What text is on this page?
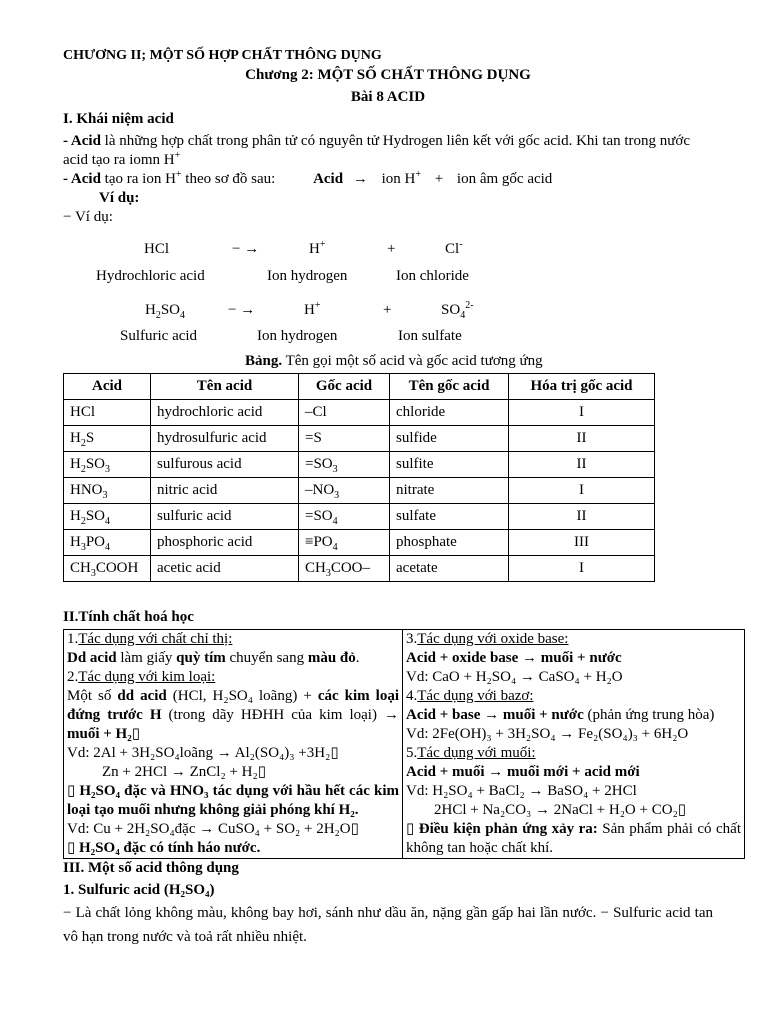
CHƯƠNG II; MỘT SỐ HỢP CHẤT THÔNG DỤNG
Chương 2: MỘT SỐ CHẤT THÔNG DỤNG
Bài 8 ACID
I. Khái niệm acid

- Acid là những hợp chất trong phân tử có nguyên tử Hydrogen liên kết với gốc acid. Khi tan trong nước acid tạo ra iomn H+

- Acid tạo ra ion H+ theo sơ đồ sau:	Acid → ion H+ + ion âm gốc acid
Ví dụ:
− Ví dụ:
HCl	− →	H+	+	Cl-
Hydrochloric acid	Ion hydrogen	Ion chloride
$H_2SO_4$	− →	H+	+	$SO_4^{2-}$
Sulfuric acid	Ion hydrogen	Ion sulfate
Bảng. Tên gọi một số acid và gốc acid tương ứng
Acid	Tên acid	Gốc acid	Tên gốc acid	Hóa trị gốc acid
HCl	hydrochloric acid	–Cl	chloride	I
$H_2S$	hydrosulfuric acid	=S	sulfide	II
$H_2SO_3$	sulfurous acid	$=SO_3$	sulfite	II
$HNO_3$	nitric acid	$-NO_3$	nitrate	I
$H_2SO_4$	sulfuric acid	$=SO_4$	sulfate	II
$H_3PO_4$	phosphoric acid	$\equiv PO_4$	phosphate	III
$CH_3COOH$	acetic acid	$CH_3COO-$	acetate	I
II.Tính chất hoá học

1.Tác dụng với chất chỉ thị:

Dd acid làm giấy quỳ tím chuyển sang màu đỏ.

2.Tác dụng với kim loại:

Một số dd acid (HCl, H₂SO₄ loãng) + các kim loại đứng trước H (trong dãy HĐHH của kim loại) → muối + H₂▯

Vd: 2Al + 3H₂SO₄loãng → Al₂(SO₄)₃ +3H₂▯

Zn + 2HCl → ZnCl₂ + H₂▯

▯ H₂SO₄ đặc và HNO₃ tác dụng với hầu hết các kim loại tạo muối nhưng không giải phóng khí H₂.

Vd: Cu + 2H₂SO₄đặc → CuSO₄ + SO₂ + 2H₂O▯

▯ H₂SO₄ đặc có tính háo nước.

3.Tác dụng với oxide base:

Acid + oxide base → muối + nước

Vd: CaO + H₂SO₄ → CaSO₄ + H₂O

4.Tác dụng với bazơ:

Acid + base → muối + nước (phản ứng trung hòa)

Vd: 2Fe(OH)₃ + 3H₂SO₄ → Fe₂(SO₄)₃ + 6H₂O

5.Tác dụng với muối:

Acid + muối → muối mới + acid mới

Vd: H₂SO₄ + BaCl₂ → BaSO₄ + 2HCl

2HCl + Na₂CO₃ → 2NaCl + H₂O + CO₂▯

▯ Điều kiện phản ứng xảy ra: Sản phẩm phải có chất không tan hoặc chất khí.

III. Một số acid thông dụng
1. Sulfuric acid (H₂SO₄)

− Là chất lỏng không màu, không bay hơi, sánh như dầu ăn, nặng gần gấp hai lần nước. − Sulfuric acid tan vô hạn trong nước và toả rất nhiều nhiệt.
